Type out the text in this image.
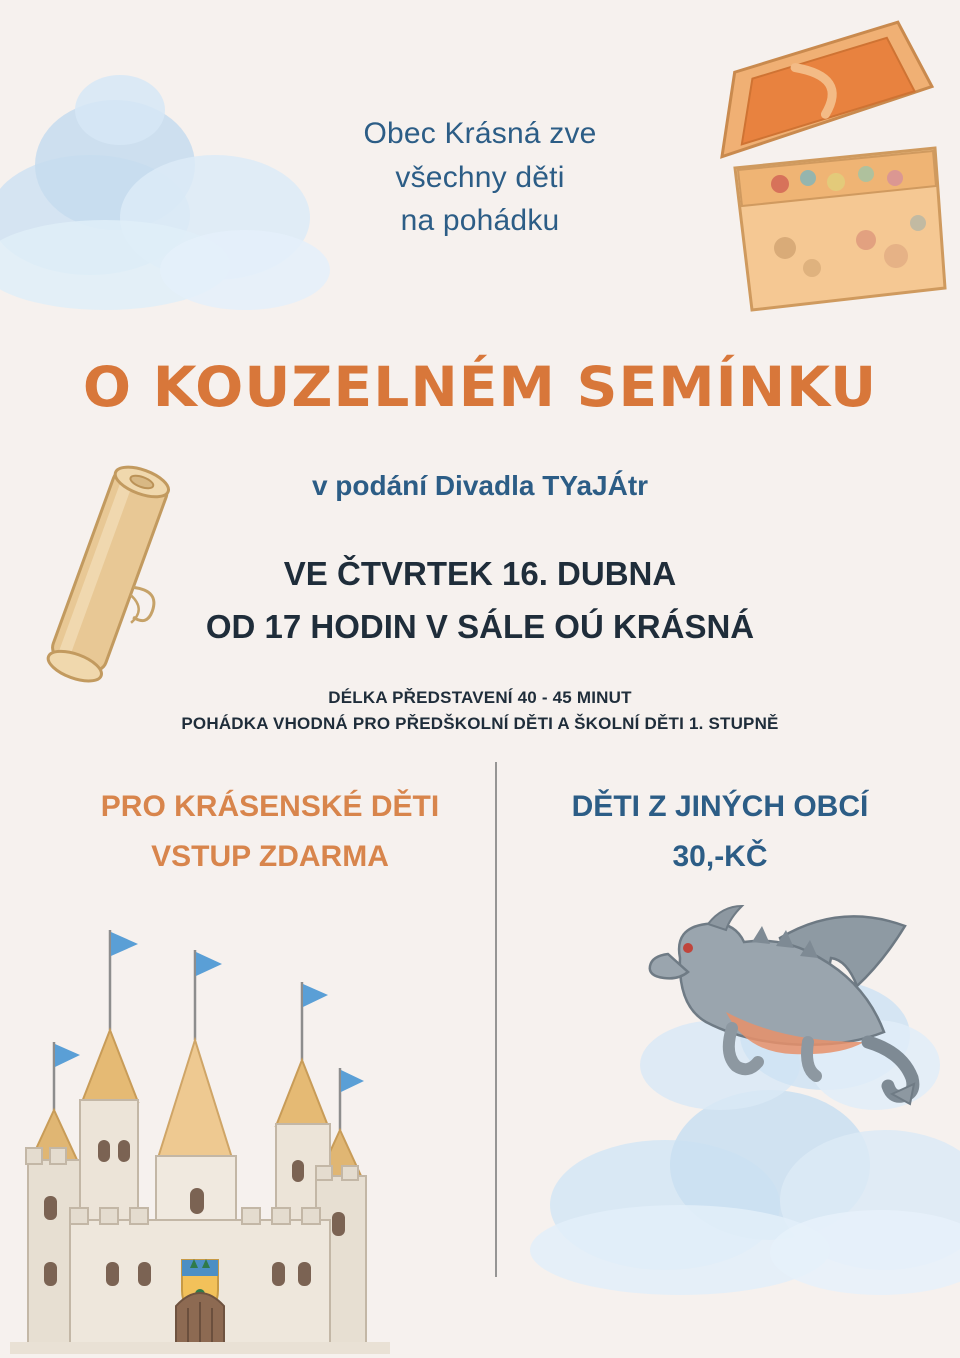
Obec Krásná zve
všechny děti
na pohádku
O KOUZELNÉM SEMÍNKU
v podání Divadla TYaJÁtr
VE ČTVRTEK 16. DUBNA
OD 17 HODIN V SÁLE OÚ KRÁSNÁ
DÉLKA PŘEDSTAVENÍ 40 - 45 MINUT
POHÁDKA VHODNÁ PRO PŘEDŠKOLNÍ DĚTI A ŠKOLNÍ DĚTI 1. STUPNĚ
PRO KRÁSENSKÉ DĚTI
VSTUP ZDARMA
DĚTI Z JINÝCH OBCÍ
30,-KČ
